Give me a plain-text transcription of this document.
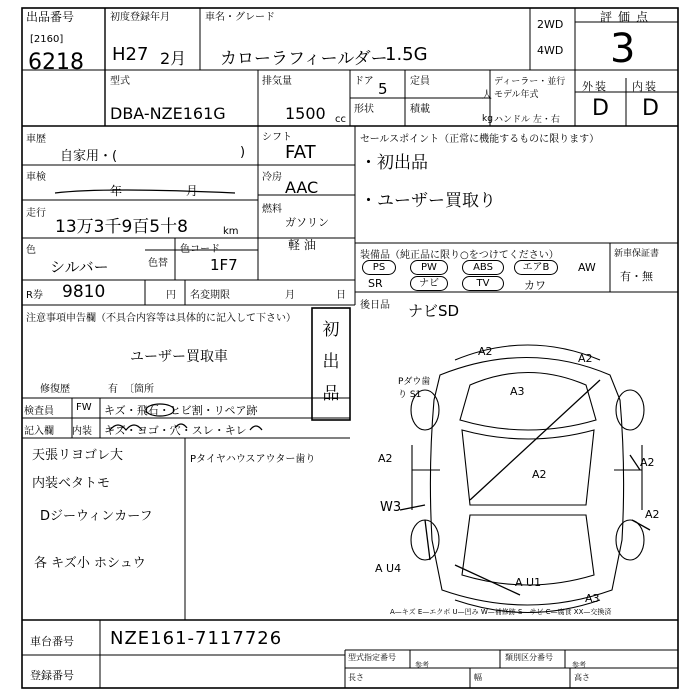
出品番号
[2160]
6218
初度登録年月
H27 2月
車名・グレード
カローラフィールダー
1.5G
2WD
4WD
評価点
3
外装 内装
D D
型式
DBA-NZE161G
排気量
1500 cc
ドア 5 定員
人
形状	積載
kg
ディーラー・並行
モデル年式
ハンドル 左・右
車歴
自家用・(	)
シフト
FAT
車検
年 月
冷房
AAC
走行
13万3千9百5十8	km
燃料
ガソリン
軽 油
色
シルバー
色コード
1F7
色替
R券 9810	円 名変期限	月	日
セールスポイント（正常に機能するものに限ります）
・初出品
・ユーザー買取り
装備品（純正品に限り○をつけてください）
PS	PW	ABS	エアB	AW
SR	ナビ	TV	カワ
新車保証書
有・無
後日品 ナビSD
注意事項申告欄（不具合内容等は具体的に記入して下さい）
ユーザー買取車
修復歴	有 〔箇所
初出品
検査員
記入欄
FW キズ・飛石・ヒビ割・リペア跡
内装 キズ・ヨゴ・穴・スレ・キレ
天張リヨゴレ大
内装ベタトモ
Dジーウィンカーフ
各 キズ小 ホシュウ
Pタイヤハウスアウター歯り
A2
A3
A2
A2
A2	A2
W3
A U4
A U1
A3
A2
Pダウ歯り S1
A—キズ E—エクボ U—凹み W—補修跡 S—サビ C—腐食 XX—交換済
車台番号 NZE161-7117726
登録番号
型式指定番号	類別区分番号
参考	参考
長さ	幅	高さ
